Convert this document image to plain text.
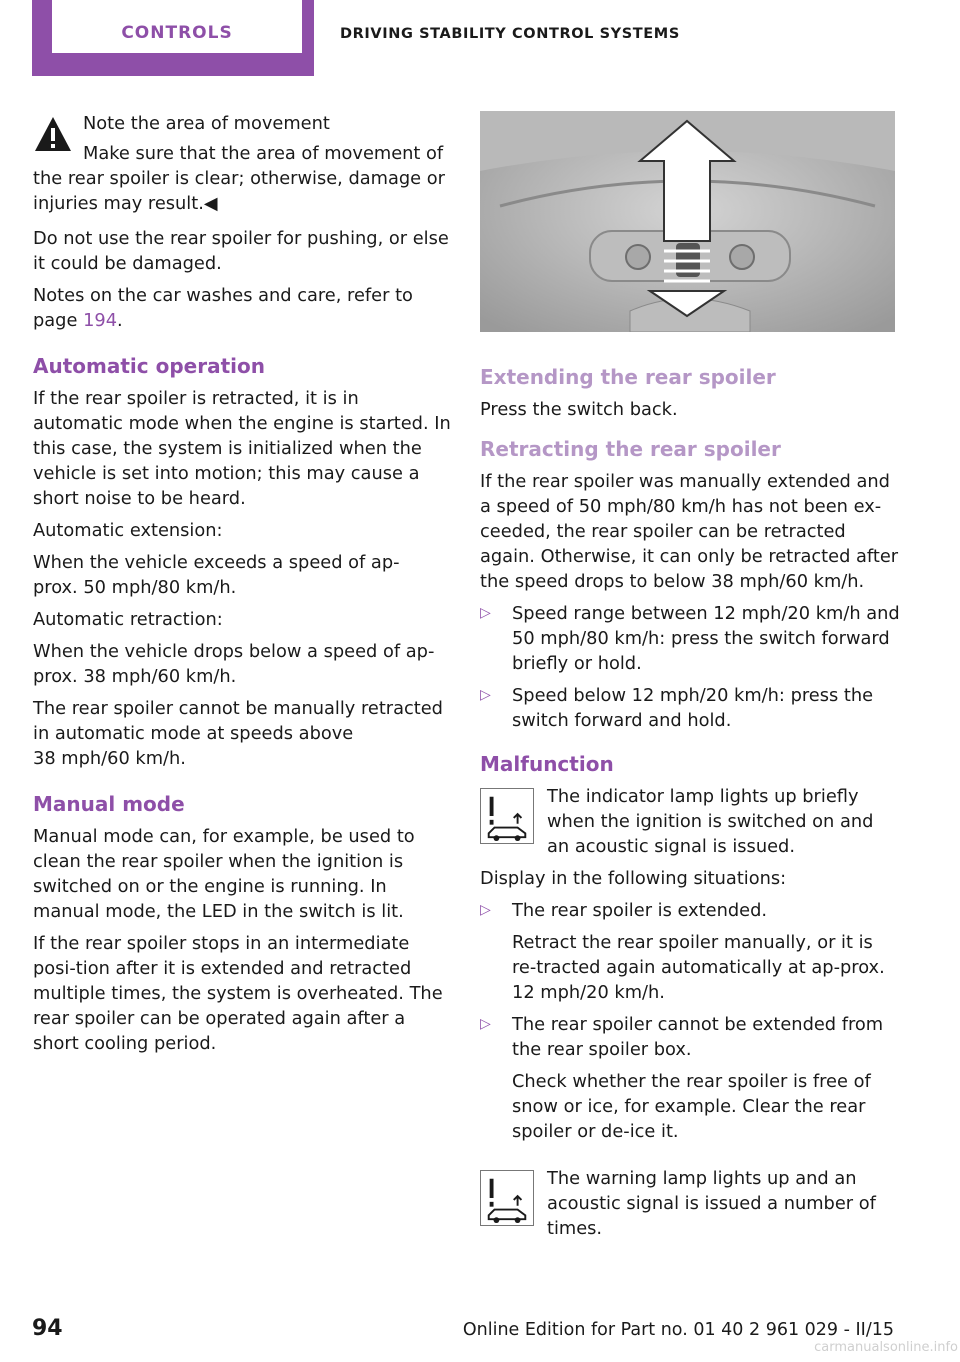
CONTROLS	DRIVING STABILITY CONTROL SYSTEMS

Note the area of movement

Make sure that the area of movement of the rear spoiler is clear; otherwise, damage or injuries may result.◀

Do not use the rear spoiler for pushing, or else it could be damaged.

Notes on the car washes and care, refer to page 194.

Automatic operation

If the rear spoiler is retracted, it is in automatic mode when the engine is started. In this case, the system is initialized when the vehicle is set into motion; this may cause a short noise to be heard.

Automatic extension:

When the vehicle exceeds a speed of ap-
prox. 50 mph/80 km/h.

Automatic retraction:

When the vehicle drops below a speed of ap-
prox. 38 mph/60 km/h.

The rear spoiler cannot be manually retracted in automatic mode at speeds above
38 mph/60 km/h.

Manual mode

Manual mode can, for example, be used to clean the rear spoiler when the ignition is switched on or the engine is running. In manual mode, the LED in the switch is lit.

If the rear spoiler stops in an intermediate posi-tion after it is extended and retracted multiple times, the system is overheated. The rear spoiler can be operated again after a short cooling period.

Extending the rear spoiler

Press the switch back.

Retracting the rear spoiler

If the rear spoiler was manually extended and a speed of 50 mph/80 km/h has not been ex-ceeded, the rear spoiler can be retracted again. Otherwise, it can only be retracted after the speed drops to below 38 mph/60 km/h.

▷ Speed range between 12 mph/20 km/h and 50 mph/80 km/h: press the switch forward briefly or hold.

▷ Speed below 12 mph/20 km/h: press the switch forward and hold.

Malfunction

The indicator lamp lights up briefly when the ignition is switched on and an acoustic signal is issued.

Display in the following situations:

▷ The rear spoiler is extended.

Retract the rear spoiler manually, or it is re-tracted again automatically at ap-prox. 12 mph/20 km/h.

▷ The rear spoiler cannot be extended from the rear spoiler box.

Check whether the rear spoiler is free of snow or ice, for example. Clear the rear spoiler or de-ice it.

The warning lamp lights up and an acoustic signal is issued a number of times.

94	Online Edition for Part no. 01 40 2 961 029 - II/15
carmanualsonline.info
